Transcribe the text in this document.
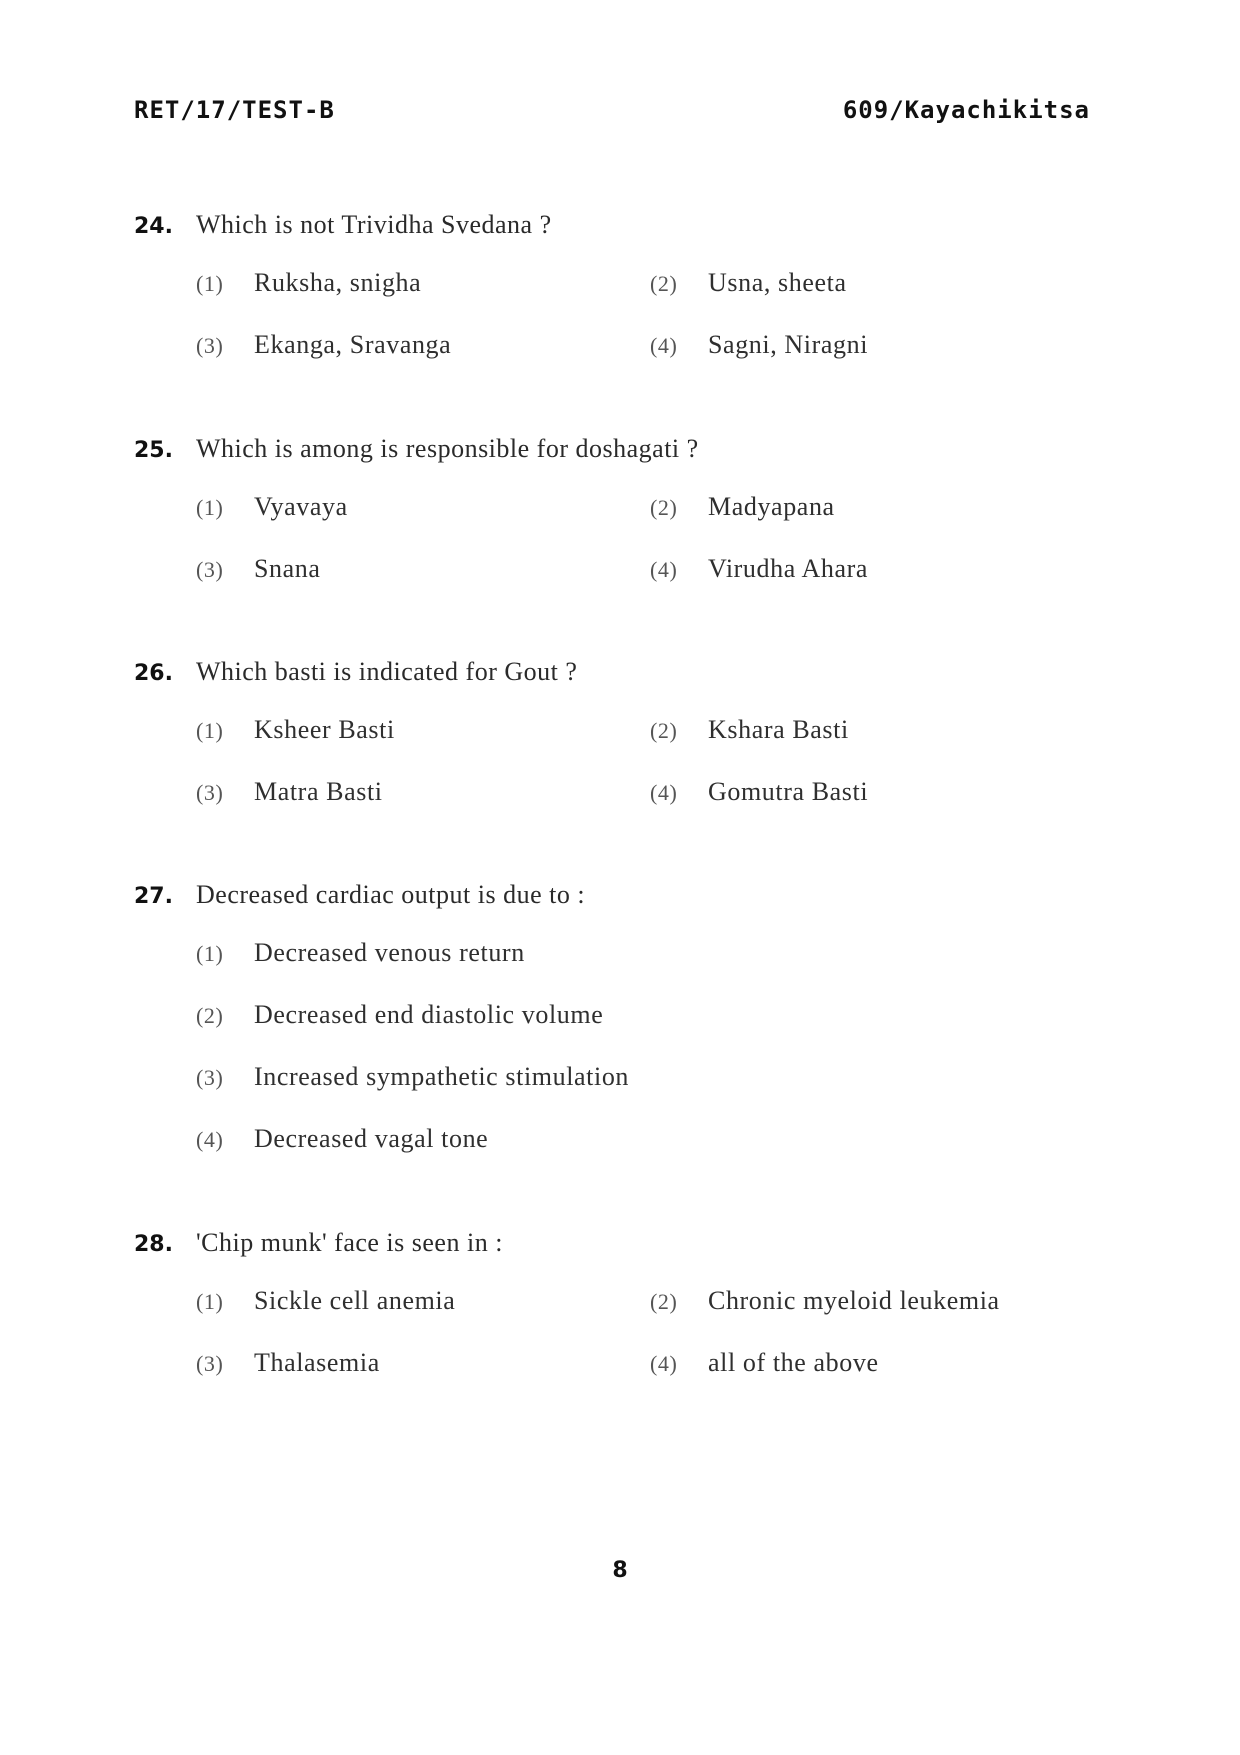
RET/17/TEST-B	609/Kayachikitsa
24. Which is not Trividha Svedana ?
(1)	Ruksha, snigha	(2)	Usna, sheeta
(3)	Ekanga, Sravanga	(4)	Sagni, Niragni
25. Which is among is responsible for doshagati ?
(1)	Vyavaya	(2)	Madyapana
(3)	Snana	(4)	Virudha Ahara
26. Which basti is indicated for Gout ?
(1)	Ksheer Basti	(2)	Kshara Basti
(3)	Matra Basti	(4)	Gomutra Basti
27. Decreased cardiac output is due to :
(1)	Decreased venous return
(2)	Decreased end diastolic volume
(3)	Increased sympathetic stimulation
(4)	Decreased vagal tone
28. 'Chip munk' face is seen in :
(1)	Sickle cell anemia	(2)	Chronic myeloid leukemia
(3)	Thalasemia	(4)	all of the above
8
